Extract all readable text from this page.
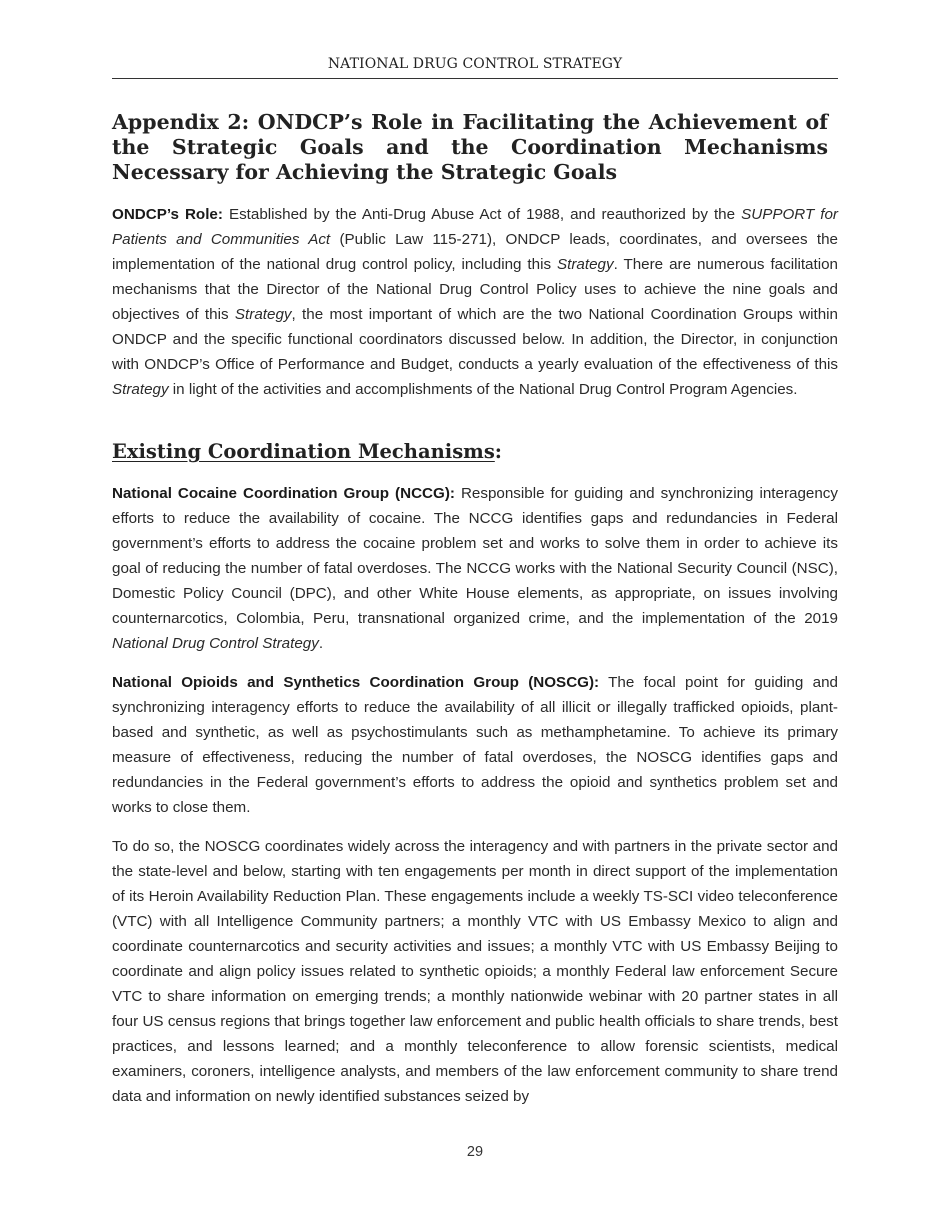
NATIONAL DRUG CONTROL STRATEGY
Appendix 2: ONDCP’s Role in Facilitating the Achievement of the Strategic Goals and the Coordination Mechanisms Necessary for Achieving the Strategic Goals

ONDCP’s Role: Established by the Anti-Drug Abuse Act of 1988, and reauthorized by the SUPPORT for Patients and Communities Act (Public Law 115-271), ONDCP leads, coordinates, and oversees the implementation of the national drug control policy, including this Strategy. There are numerous facilitation mechanisms that the Director of the National Drug Control Policy uses to achieve the nine goals and objectives of this Strategy, the most important of which are the two National Coordination Groups within ONDCP and the specific functional coordinators discussed below. In addition, the Director, in conjunction with ONDCP’s Office of Performance and Budget, conducts a yearly evaluation of the effectiveness of this Strategy in light of the activities and accomplishments of the National Drug Control Program Agencies.

Existing Coordination Mechanisms:

National Cocaine Coordination Group (NCCG): Responsible for guiding and synchronizing interagency efforts to reduce the availability of cocaine. The NCCG identifies gaps and redundancies in Federal government’s efforts to address the cocaine problem set and works to solve them in order to achieve its goal of reducing the number of fatal overdoses. The NCCG works with the National Security Council (NSC), Domestic Policy Council (DPC), and other White House elements, as appropriate, on issues involving counternarcotics, Colombia, Peru, transnational organized crime, and the implementation of the 2019 National Drug Control Strategy.

National Opioids and Synthetics Coordination Group (NOSCG): The focal point for guiding and synchronizing interagency efforts to reduce the availability of all illicit or illegally trafficked opioids, plant-based and synthetic, as well as psychostimulants such as methamphetamine. To achieve its primary measure of effectiveness, reducing the number of fatal overdoses, the NOSCG identifies gaps and redundancies in the Federal government’s efforts to address the opioid and synthetics problem set and works to close them.

To do so, the NOSCG coordinates widely across the interagency and with partners in the private sector and the state-level and below, starting with ten engagements per month in direct support of the implementation of its Heroin Availability Reduction Plan. These engagements include a weekly TS-SCI video teleconference (VTC) with all Intelligence Community partners; a monthly VTC with US Embassy Mexico to align and coordinate counternarcotics and security activities and issues; a monthly VTC with US Embassy Beijing to coordinate and align policy issues related to synthetic opioids; a monthly Federal law enforcement Secure VTC to share information on emerging trends; a monthly nationwide webinar with 20 partner states in all four US census regions that brings together law enforcement and public health officials to share trends, best practices, and lessons learned; and a monthly teleconference to allow forensic scientists, medical examiners, coroners, intelligence analysts, and members of the law enforcement community to share trend data and information on newly identified substances seized by

29
